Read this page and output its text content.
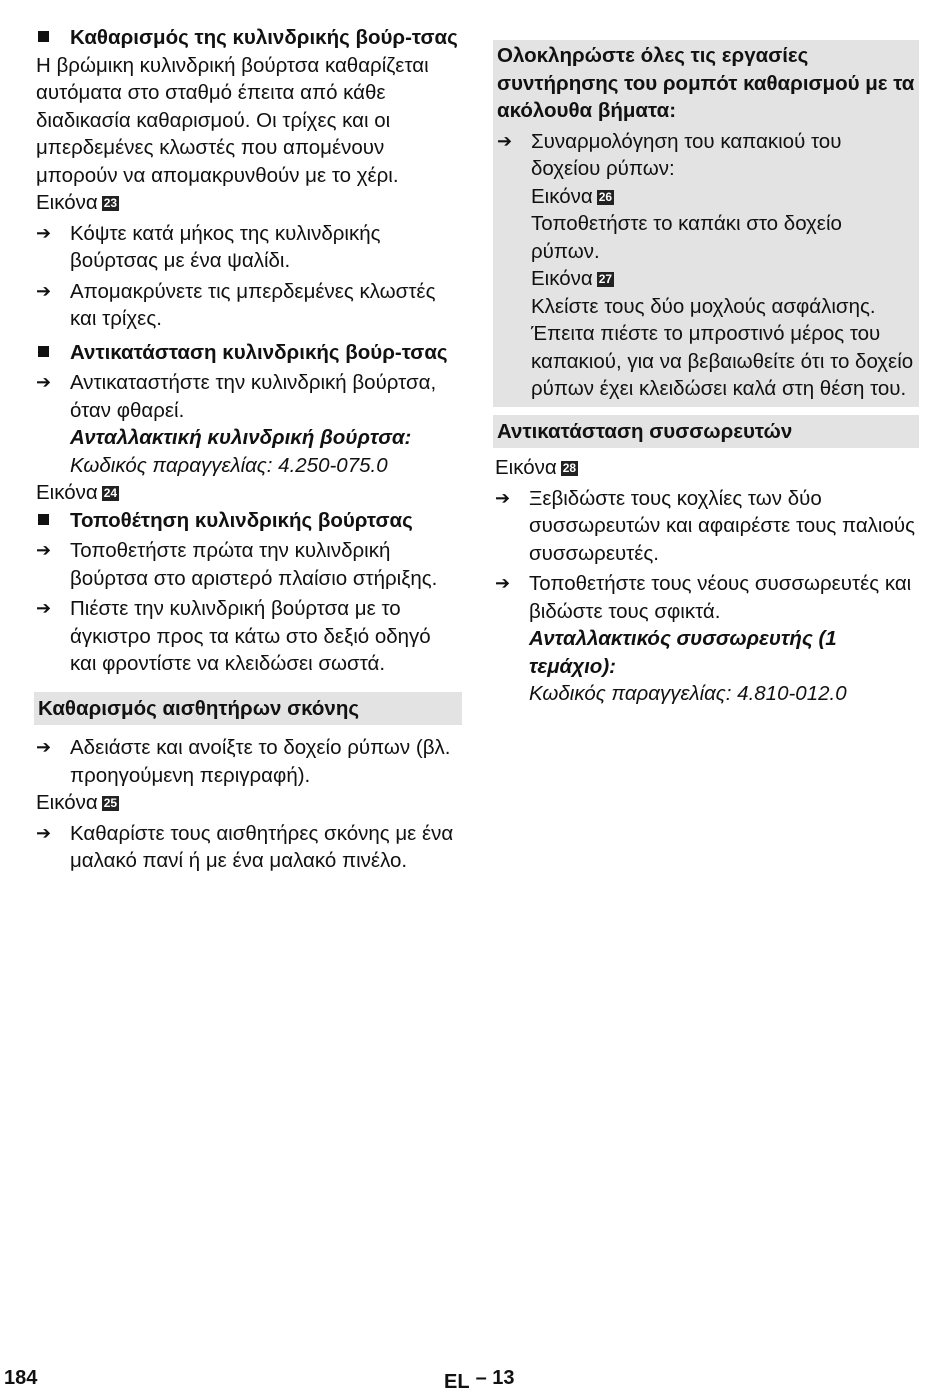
Καθαρισμός της κυλινδρικής βούρ-τσας

Η βρώμικη κυλινδρική βούρτσα καθαρίζεται αυτόματα στο σταθμό έπειτα από κάθε διαδικασία καθαρισμού. Οι τρίχες και οι μπερδεμένες κλωστές που απομένουν μπορούν να απομακρυνθούν με το χέρι.

Εικόνα 23
➔ Κόψτε κατά μήκος της κυλινδρικής βούρτσας με ένα ψαλίδι.
➔ Απομακρύνετε τις μπερδεμένες κλωστές και τρίχες.
Αντικατάσταση κυλινδρικής βούρ-τσας
➔ Αντικαταστήστε την κυλινδρική βούρτσα, όταν φθαρεί.
Ανταλλακτική κυλινδρική βούρτσα:
Κωδικός παραγγελίας: 4.250-075.0
Εικόνα 24
Τοποθέτηση κυλινδρικής βούρτσας
➔ Τοποθετήστε πρώτα την κυλινδρική βούρτσα στο αριστερό πλαίσιο στήριξης.
➔ Πιέστε την κυλινδρική βούρτσα με το άγκιστρο προς τα κάτω στο δεξιό οδηγό και φροντίστε να κλειδώσει σωστά.
Καθαρισμός αισθητήρων σκόνης
➔ Αδειάστε και ανοίξτε το δοχείο ρύπων (βλ. προηγούμενη περιγραφή).
Εικόνα 25
➔ Καθαρίστε τους αισθητήρες σκόνης με ένα μαλακό πανί ή με ένα μαλακό πινέλο.
Ολοκληρώστε όλες τις εργασίες συντήρησης του ρομπότ καθαρισμού με τα ακόλουθα βήματα:
➔ Συναρμολόγηση του καπακιού του δοχείου ρύπων:
Εικόνα 26
Τοποθετήστε το καπάκι στο δοχείο ρύπων.
Εικόνα 27
Κλείστε τους δύο μοχλούς ασφάλισης. Έπειτα πιέστε το μπροστινό μέρος του καπακιού, για να βεβαιωθείτε ότι το δοχείο ρύπων έχει κλειδώσει καλά στη θέση του.
Αντικατάσταση συσσωρευτών
Εικόνα 28
➔ Ξεβιδώστε τους κοχλίες των δύο συσσωρευτών και αφαιρέστε τους παλιούς συσσωρευτές.
➔ Τοποθετήστε τους νέους συσσωρευτές και βιδώστε τους σφικτά.
Ανταλλακτικός συσσωρευτής (1 τεμάχιο):
Κωδικός παραγγελίας: 4.810-012.0
184	EL – 13
